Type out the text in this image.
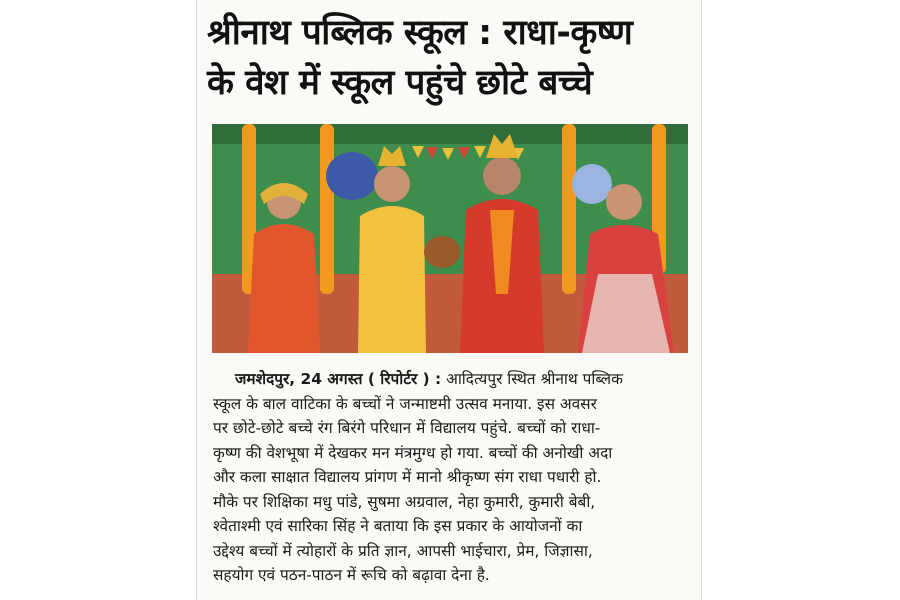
श्रीनाथ पब्लिक स्कूल : राधा-कृष्ण
के वेश में स्कूल पहुंचे छोटे बच्चे
जमशेदपुर, 24 अगस्त ( रिपोर्टर ) : आदित्यपुर स्थित श्रीनाथ पब्लिक
स्कूल के बाल वाटिका के बच्चों ने जन्माष्टमी उत्सव मनाया. इस अवसर
पर छोटे-छोटे बच्चे रंग बिरंगे परिधान में विद्यालय पहुंचे. बच्चों को राधा-
कृष्ण की वेशभूषा में देखकर मन मंत्रमुग्ध हो गया. बच्चों की अनोखी अदा
और कला साक्षात विद्यालय प्रांगण में मानो श्रीकृष्ण संग राधा पधारी हो.
मौके पर शिक्षिका मधु पांडे, सुषमा अग्रवाल, नेहा कुमारी, कुमारी बेबी,
श्वेताश्मी एवं सारिका सिंह ने बताया कि इस प्रकार के आयोजनों का
उद्देश्य बच्चों में त्योहारों के प्रति ज्ञान, आपसी भाईचारा, प्रेम, जिज्ञासा,
सहयोग एवं पठन-पाठन में रूचि को बढ़ावा देना है.
